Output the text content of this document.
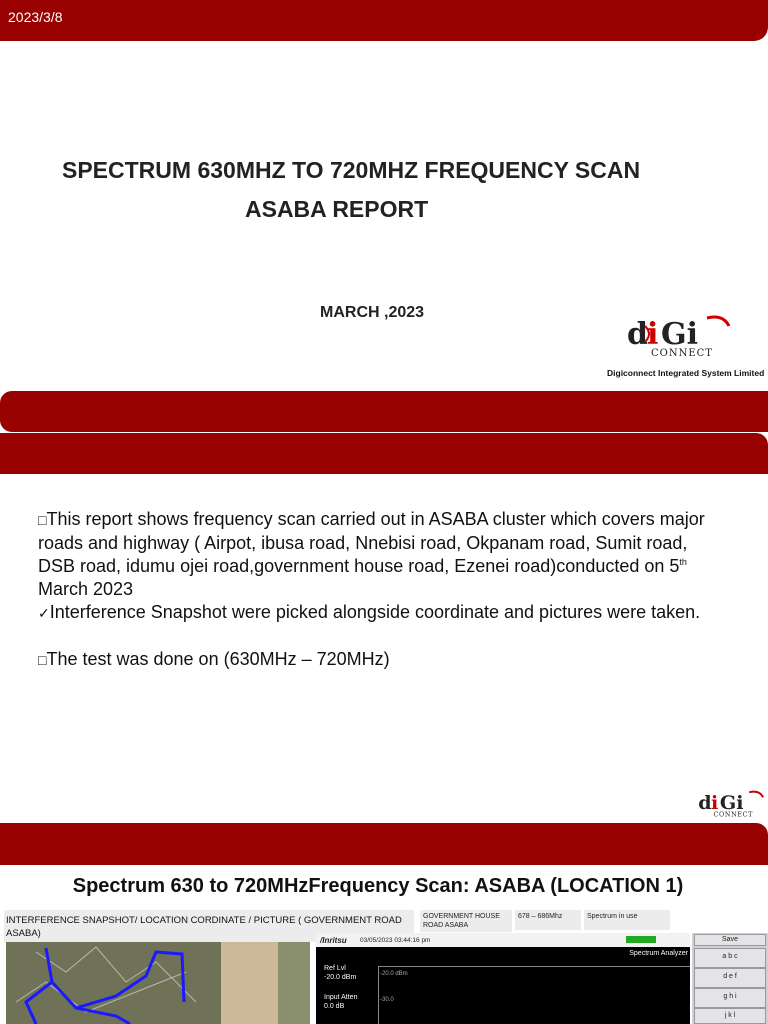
2023/3/8
SPECTRUM 630MHZ TO 720MHZ FREQUENCY SCAN
ASABA REPORT
MARCH ,2023
d i Gi
CONNECT
Digiconnect Integrated System Limited

□This report shows frequency scan carried out in ASABA cluster which covers major roads and highway ( Airpot, ibusa road, Nnebisi road, Okpanam road, Sumit road, DSB road, idumu ojei road,government house road, Ezenei road)conducted on 5th March 2023

✓Interference Snapshot were picked alongside coordinate and pictures were taken.

□The test was done on (630MHz – 720MHz)

d i Gi
CONNECT
Spectrum 630 to 720MHzFrequency Scan: ASABA (LOCATION 1)
INTERFERENCE SNAPSHOT/ LOCATION CORDINATE / PICTURE ( GOVERNMENT ROAD ASABA)
GOVERNMENT HOUSE ROAD ASABA
678 – 686Mhz	Spectrum in use
/Inritsu 03/05/2023 03:44:16 pm
Spectrum Analyzer
Ref Lvl
-20.0 dBm
Input Atten
0.0 dB
-20.0 dBm
-30.0
Save
a b c
d e f
g h i
j k l
